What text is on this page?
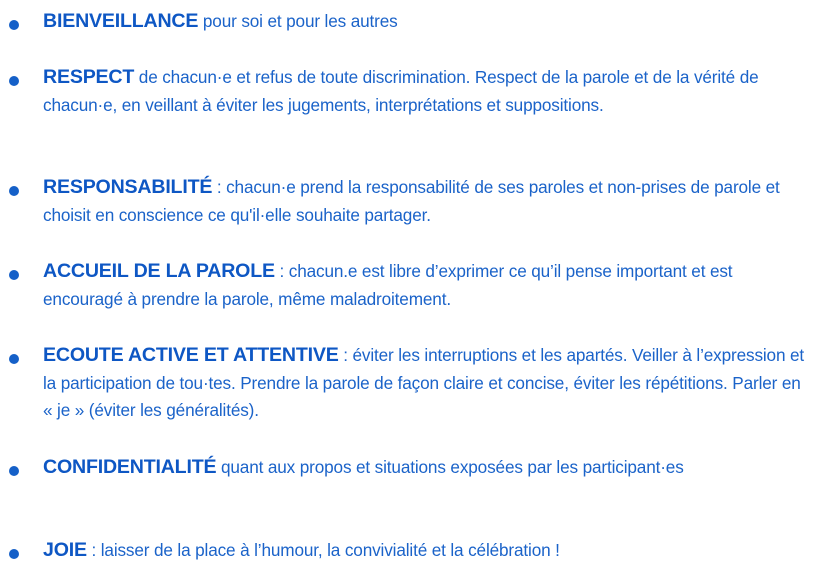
BIENVEILLANCE pour soi et pour les autres
RESPECT de chacun·e et refus de toute discrimination. Respect de la parole et de la vérité de chacun·e, en veillant à éviter les jugements, interprétations et suppositions.
RESPONSABILITÉ : chacun·e prend la responsabilité de ses paroles et non-prises de parole et choisit en conscience ce qu'il·elle souhaite partager.
ACCUEIL DE LA PAROLE : chacun.e est libre d’exprimer ce qu’il pense important et est encouragé à prendre la parole, même maladroitement.
ECOUTE ACTIVE ET ATTENTIVE : éviter les interruptions et les apartés. Veiller à l’expression et la participation de tou·tes. Prendre la parole de façon claire et concise, éviter les répétitions. Parler en « je » (éviter les généralités).
CONFIDENTIALITÉ quant aux propos et situations exposées par les participant·es
JOIE : laisser de la place à l’humour, la convivialité et la célébration !
